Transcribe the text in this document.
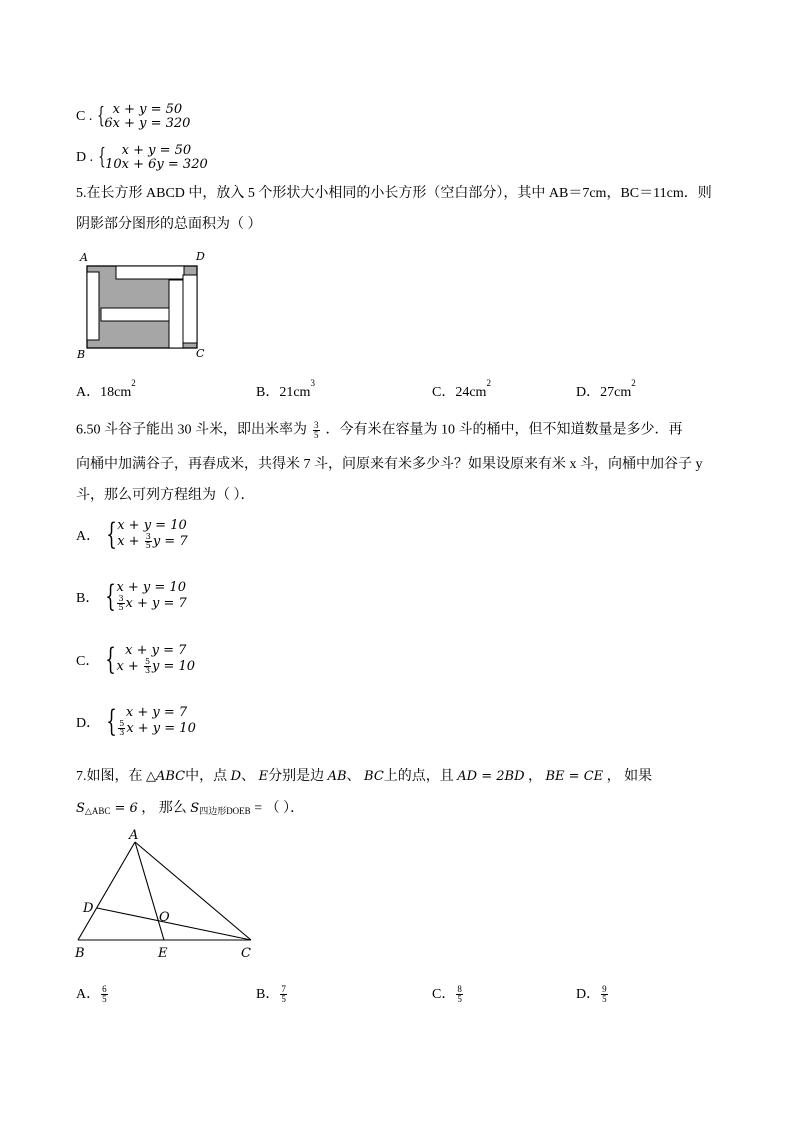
C . { x + y = 50
6x + y = 320
D . { x + y = 50
10x + 6y = 320
5.在长方形 ABCD 中，放入 5 个形状大小相同的小长方形（空白部分），其中 AB＝7cm，BC＝11cm．则
阴影部分图形的总面积为（ ）
A	D
B	C
A．$18cm^2$
B．$21cm^3$
C．$24cm^2$
D．$27cm^2$
6.50 斗谷子能出 30 斗米，即出米率为 $\frac{3}{5}$ ．今有米在容量为 10 斗的桶中，但不知道数量是多少．再
向桶中加满谷子，再舂成米，共得米 7 斗，问原来有米多少斗？如果设原来有米 x 斗，向桶中加谷子 y
斗，那么可列方程组为（ ）．
A． { x + y = 10
$x + \frac{3}{5}$ y = 7
B． { x + y = 10
$\frac{3}{5}$ x + y = 7
C． { x + y = 7
$x + \frac{5}{3}$ y = 10
D． { x + y = 7
$\frac{5}{3}$ x + y = 10
7.如图，在 △ABC中，点 D、 E分别是边 AB、 BC上的点，且 AD = 2BD ， BE = CE ， 如果
$S_{\triangle ABC} = 6$ ， 那么 $S_{四边形DOEB}$ = （ ）．
A
D
O
B	E	C
A． $\frac{6}{5}$	B． $\frac{7}{5}$	C． $\frac{8}{5}$	D． $\frac{9}{5}$
